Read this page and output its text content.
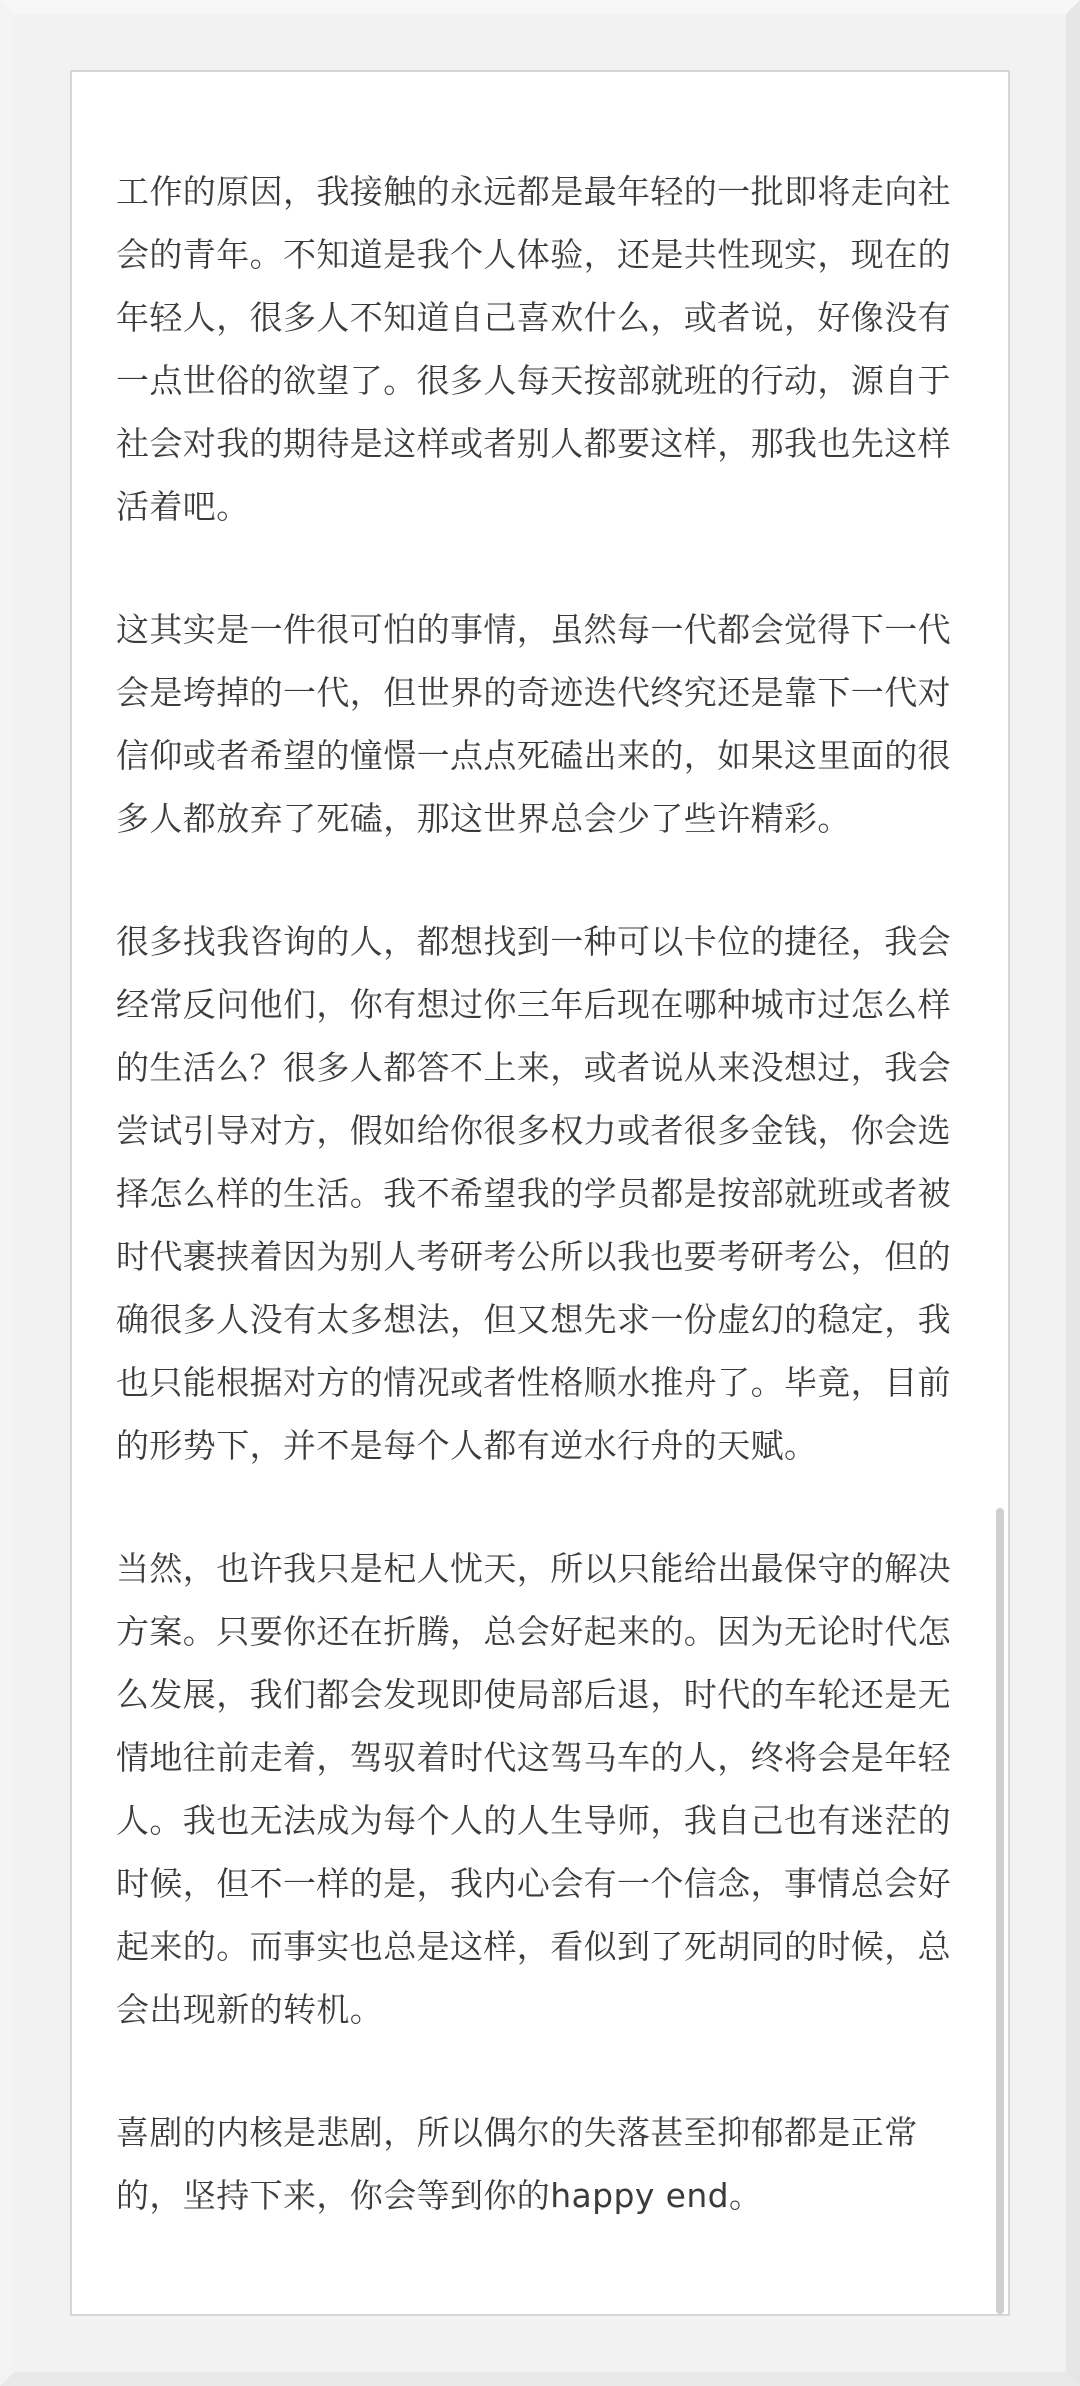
工作的原因，我接触的永远都是最年轻的一批即将走向社会的青年。不知道是我个人体验，还是共性现实，现在的年轻人，很多人不知道自己喜欢什么，或者说，好像没有一点世俗的欲望了。很多人每天按部就班的行动，源自于社会对我的期待是这样或者别人都要这样，那我也先这样活着吧。

这其实是一件很可怕的事情，虽然每一代都会觉得下一代会是垮掉的一代，但世界的奇迹迭代终究还是靠下一代对信仰或者希望的憧憬一点点死磕出来的，如果这里面的很多人都放弃了死磕，那这世界总会少了些许精彩。

很多找我咨询的人，都想找到一种可以卡位的捷径，我会经常反问他们，你有想过你三年后现在哪种城市过怎么样的生活么？很多人都答不上来，或者说从来没想过，我会尝试引导对方，假如给你很多权力或者很多金钱，你会选择怎么样的生活。我不希望我的学员都是按部就班或者被时代裹挟着因为别人考研考公所以我也要考研考公，但的确很多人没有太多想法，但又想先求一份虚幻的稳定，我也只能根据对方的情况或者性格顺水推舟了。毕竟，目前的形势下，并不是每个人都有逆水行舟的天赋。

当然，也许我只是杞人忧天，所以只能给出最保守的解决方案。只要你还在折腾，总会好起来的。因为无论时代怎么发展，我们都会发现即使局部后退，时代的车轮还是无情地往前走着，驾驭着时代这驾马车的人，终将会是年轻人。我也无法成为每个人的人生导师，我自己也有迷茫的时候，但不一样的是，我内心会有一个信念，事情总会好起来的。而事实也总是这样，看似到了死胡同的时候，总会出现新的转机。

喜剧的内核是悲剧，所以偶尔的失落甚至抑郁都是正常的，坚持下来，你会等到你的happy end。
